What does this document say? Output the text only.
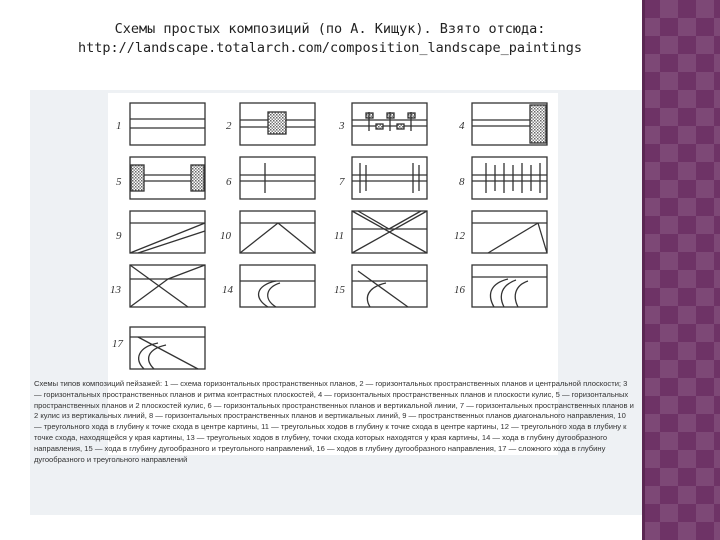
Схемы простых композиций (по А. Кищук). Взято отсюда:
http://landscape.totalarch.com/composition_landscape_paintings
1	2	3	4
5	6	7	8
9	10	11	12
13	14	15	16
17
Схемы типов композиций пейзажей: 1 — схема горизонтальных пространственных планов, 2 — горизонтальных пространственных планов и центральной плоскости; 3 — горизонтальных пространственных планов и ритма контрастных плоскостей, 4 — горизонтальных пространственных планов и плоскости кулис, 5 — горизонтальных пространственных планов и 2 плоскостей кулис, 6 — горизонтальных пространственных планов и вертикальной линии, 7 — горизонтальных пространственных планов и 2 кулис из вертикальных линий, 8 — горизонтальных пространственных планов и вертикальных линий, 9 — пространственных планов диагонального направления, 10 — треугольного хода в глубину к точке схода в центре картины, 11 — треугольных ходов в глубину к точке схода в центре картины, 12 — треугольного хода в глубину к точке схода, находящейся у края картины, 13 — треугольных ходов в глубину, точки схода которых находятся у края картины, 14 — хода в глубину дугообразного направления, 15 — хода в глубину дугообразного и треугольного направлений, 16 — ходов в глубину дугообразного направления, 17 — сложного хода в глубину дугообразного и треугольного направлений
